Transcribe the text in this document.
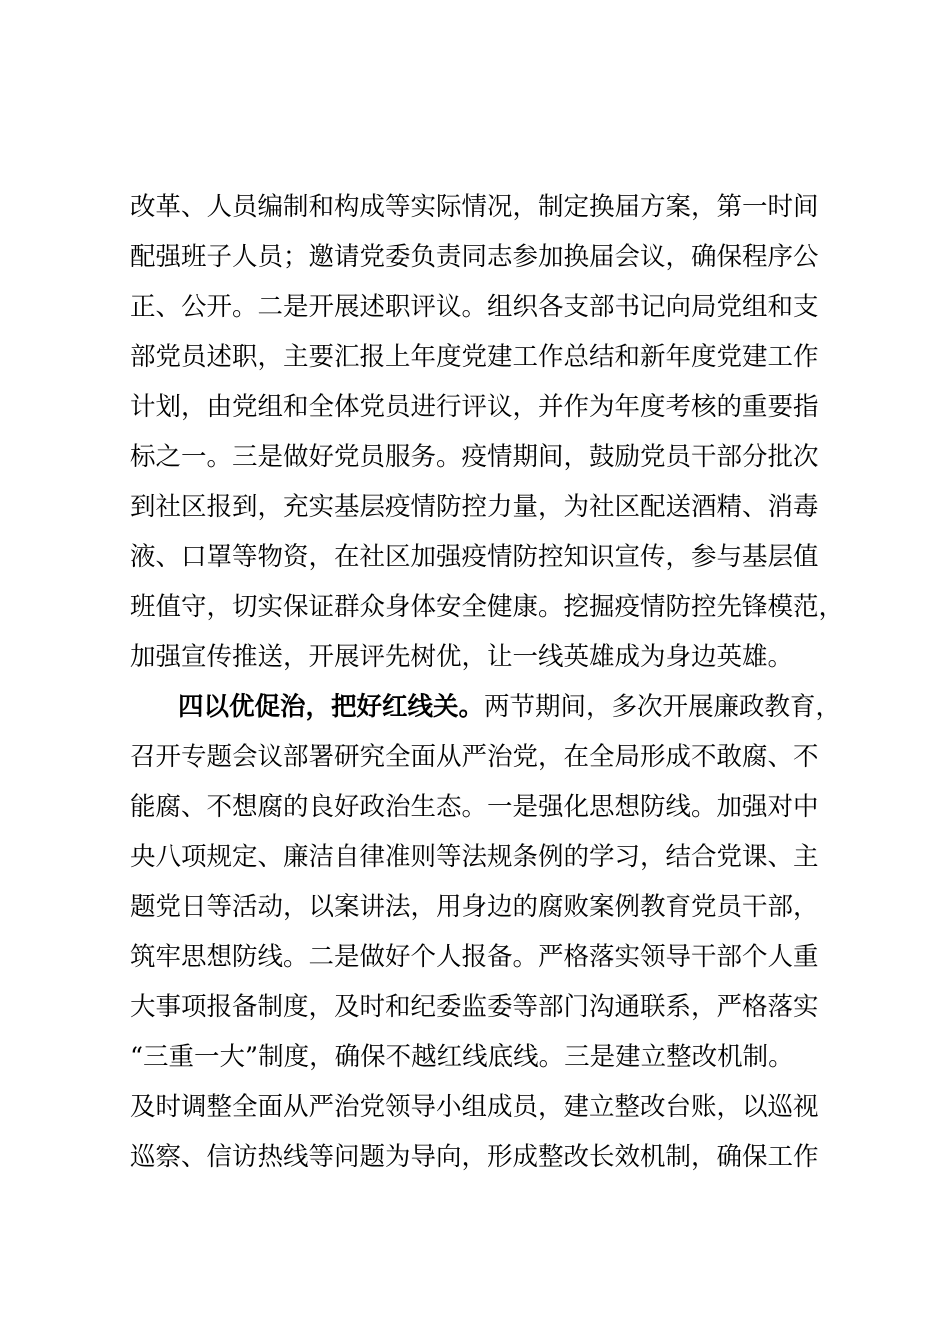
改革、人员编制和构成等实际情况，制定换届方案，第一时间
配强班子人员；邀请党委负责同志参加换届会议，确保程序公
正、公开。二是开展述职评议。组织各支部书记向局党组和支
部党员述职，主要汇报上年度党建工作总结和新年度党建工作
计划，由党组和全体党员进行评议，并作为年度考核的重要指
标之一。三是做好党员服务。疫情期间，鼓励党员干部分批次
到社区报到，充实基层疫情防控力量，为社区配送酒精、消毒
液、口罩等物资，在社区加强疫情防控知识宣传，参与基层值
班值守，切实保证群众身体安全健康。挖掘疫情防控先锋模范，
加强宣传推送，开展评先树优，让一线英雄成为身边英雄。
四以优促治，把好红线关。两节期间，多次开展廉政教育，
召开专题会议部署研究全面从严治党，在全局形成不敢腐、不
能腐、不想腐的良好政治生态。一是强化思想防线。加强对中
央八项规定、廉洁自律准则等法规条例的学习，结合党课、主
题党日等活动，以案讲法，用身边的腐败案例教育党员干部，
筑牢思想防线。二是做好个人报备。严格落实领导干部个人重
大事项报备制度，及时和纪委监委等部门沟通联系，严格落实
“三重一大”制度，确保不越红线底线。三是建立整改机制。
及时调整全面从严治党领导小组成员，建立整改台账，以巡视
巡察、信访热线等问题为导向，形成整改长效机制，确保工作
